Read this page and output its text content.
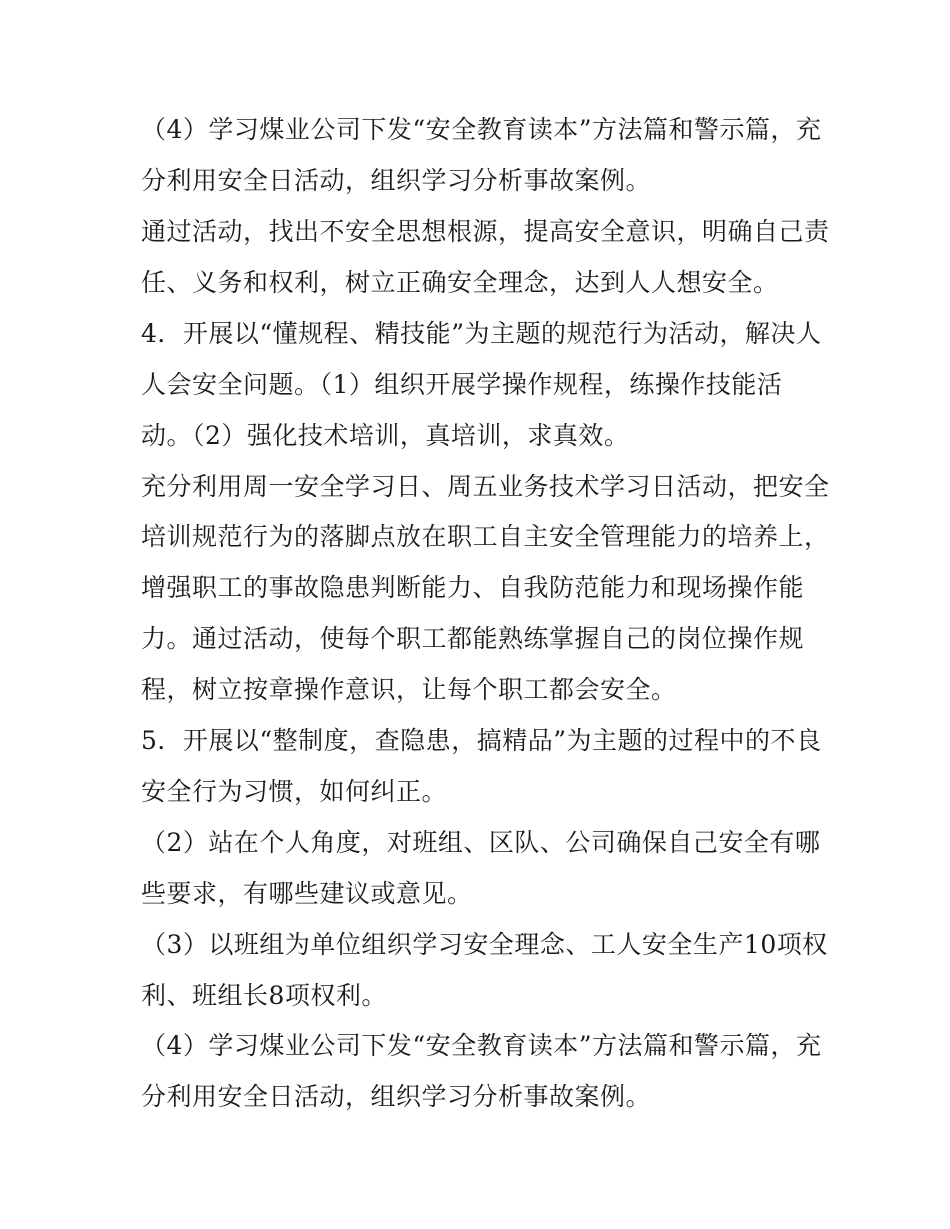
（4）学习煤业公司下发“安全教育读本”方法篇和警示篇，充
分利用安全日活动，组织学习分析事故案例。
通过活动，找出不安全思想根源，提高安全意识，明确自己责
任、义务和权利，树立正确安全理念，达到人人想安全。
4．开展以“懂规程、精技能”为主题的规范行为活动，解决人
人会安全问题。（1）组织开展学操作规程，练操作技能活
动。（2）强化技术培训，真培训，求真效。
充分利用周一安全学习日、周五业务技术学习日活动，把安全
培训规范行为的落脚点放在职工自主安全管理能力的培养上，
增强职工的事故隐患判断能力、自我防范能力和现场操作能
力。通过活动，使每个职工都能熟练掌握自己的岗位操作规
程，树立按章操作意识，让每个职工都会安全。
5．开展以“整制度，查隐患，搞精品”为主题的过程中的不良
安全行为习惯，如何纠正。
（2）站在个人角度，对班组、区队、公司确保自己安全有哪
些要求，有哪些建议或意见。
（3）以班组为单位组织学习安全理念、工人安全生产10项权
利、班组长8项权利。
（4）学习煤业公司下发“安全教育读本”方法篇和警示篇，充
分利用安全日活动，组织学习分析事故案例。
